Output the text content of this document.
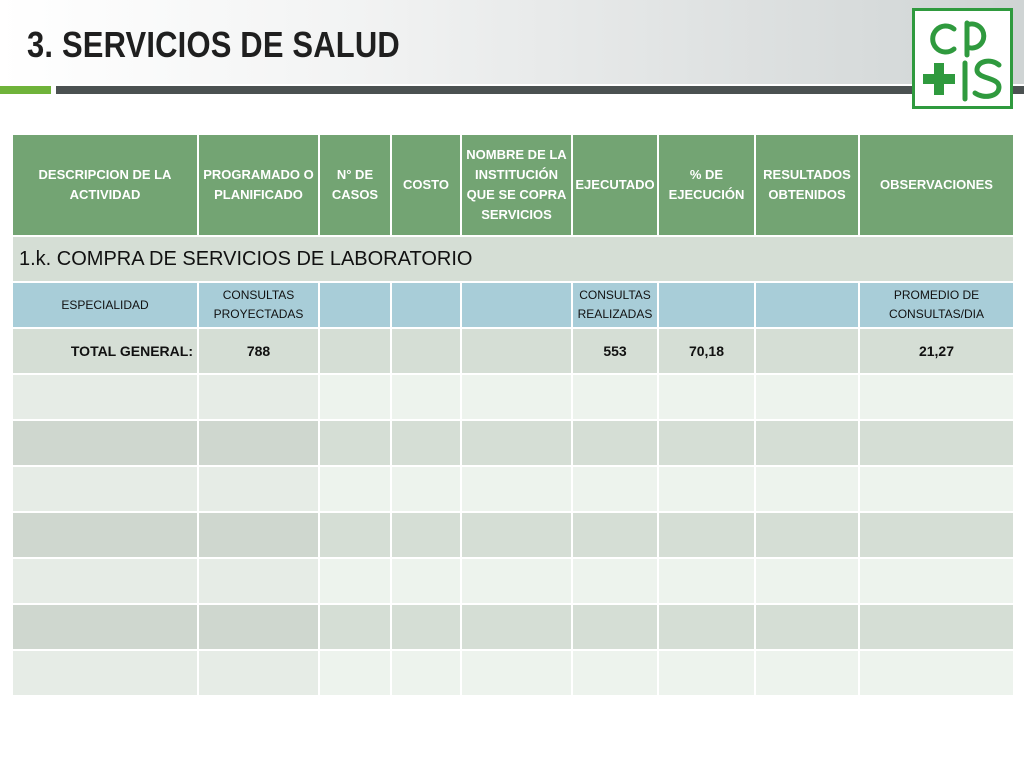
3. SERVICIOS DE SALUD
DESCRIPCION DE LA ACTIVIDAD	PROGRAMADO O PLANIFICADO	N° DE CASOS	COSTO	NOMBRE DE LA INSTITUCIÓN QUE SE COPRA SERVICIOS	EJECUTADO	% DE EJECUCIÓN	RESULTADOS OBTENIDOS	OBSERVACIONES
1.k. COMPRA DE SERVICIOS DE LABORATORIO								
ESPECIALIDAD	CONSULTAS PROYECTADAS				CONSULTAS REALIZADAS			PROMEDIO DE CONSULTAS/DIA
TOTAL GENERAL:	788				553	70,18		21,27
